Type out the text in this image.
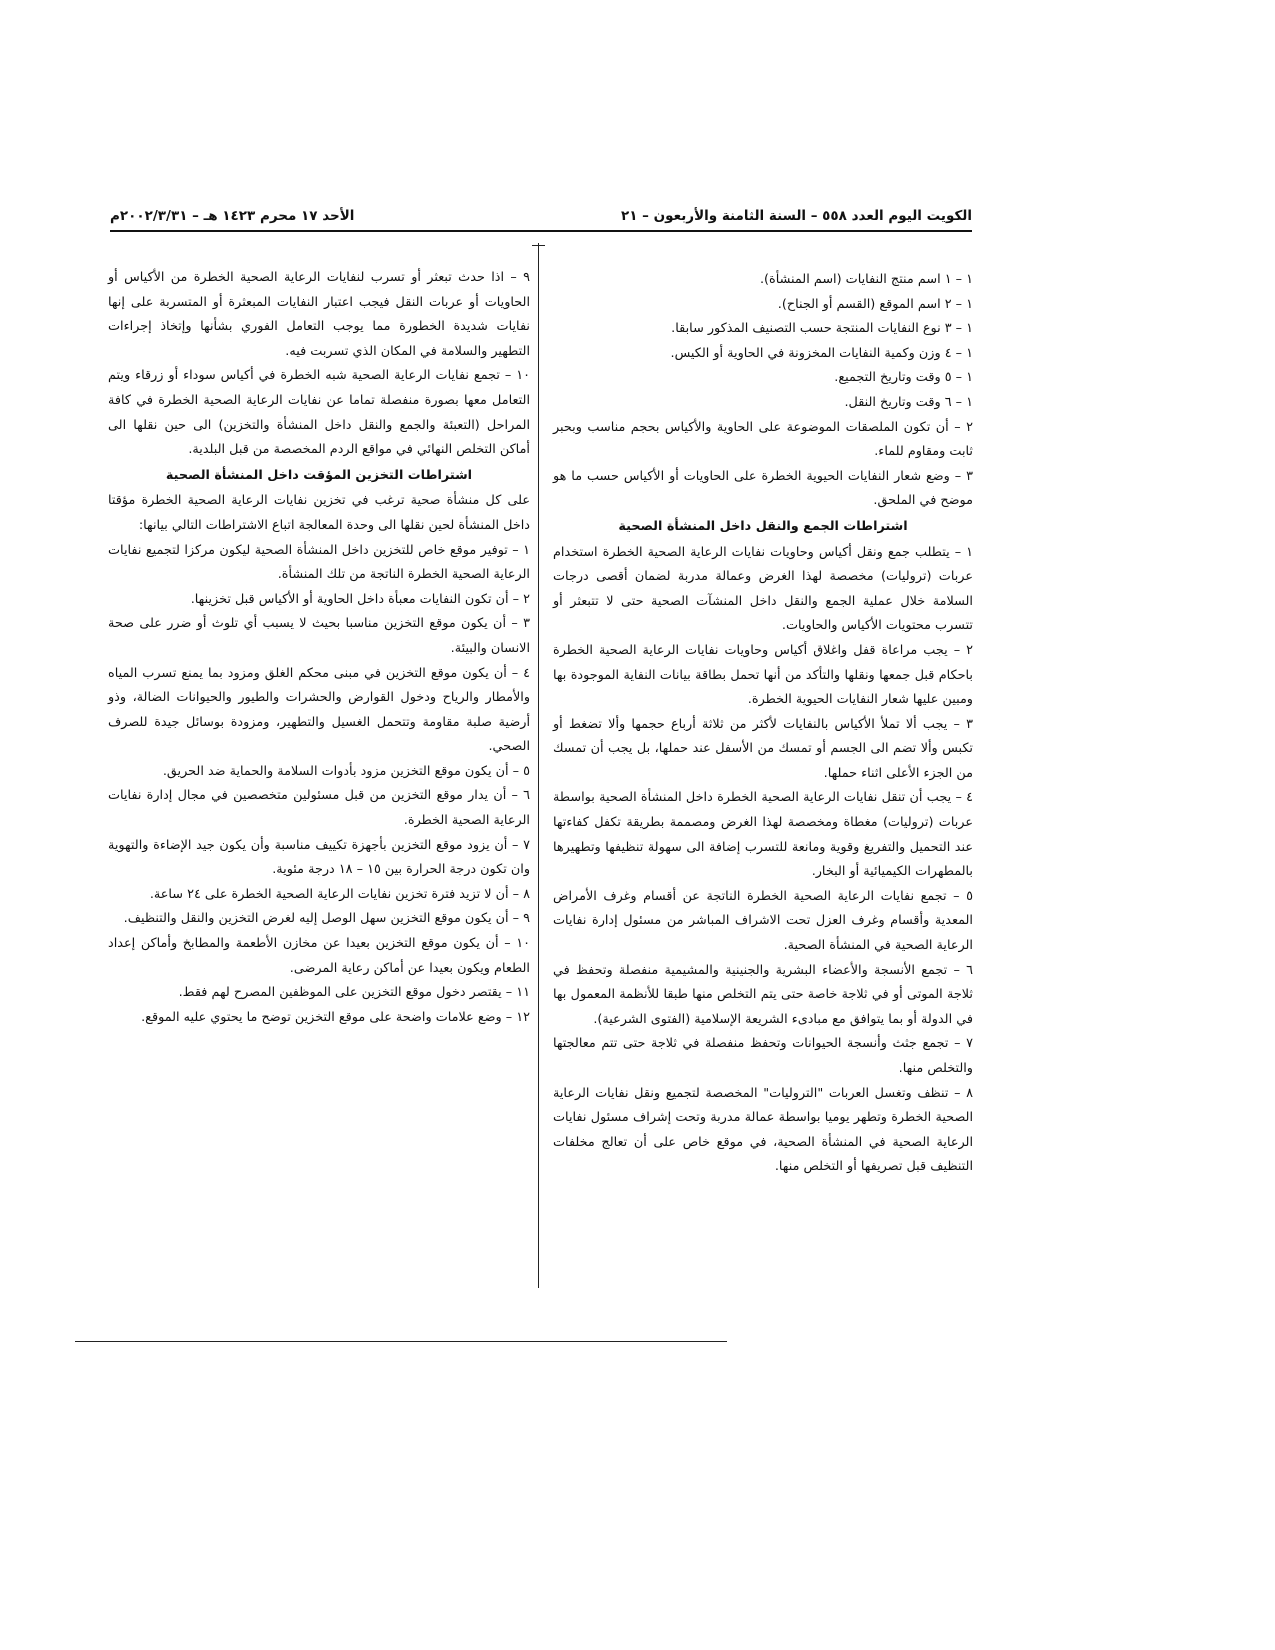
الكويت اليوم العدد ٥٥٨ – السنة الثامنة والأربعون – ٢١
الأحد ١٧ محرم ١٤٢٣ هـ – ٢٠٠٢/٣/٣١م

١ – ١ اسم منتج النفايات (اسم المنشأة).

١ – ٢ اسم الموقع (القسم أو الجناح).

١ – ٣ نوع النفايات المنتجة حسب التصنيف المذكور سابقا.

١ – ٤ وزن وكمية النفايات المخزونة في الحاوية أو الكيس.

١ – ٥ وقت وتاريخ التجميع.

١ – ٦ وقت وتاريخ النقل.

٢ – أن تكون الملصقات الموضوعة على الحاوية والأكياس بحجم مناسب وبحبر ثابت ومقاوم للماء.

٣ – وضع شعار النفايات الحيوية الخطرة على الحاويات أو الأكياس حسب ما هو موضح في الملحق.

اشتراطات الجمع والنقل داخل المنشأة الصحية

١ – يتطلب جمع ونقل أكياس وحاويات نفايات الرعاية الصحية الخطرة استخدام عربات (ترولیات) مخصصة لهذا الغرض وعمالة مدربة لضمان أقصى درجات السلامة خلال عملية الجمع والنقل داخل المنشآت الصحية حتى لا تتبعثر أو تتسرب محتويات الأكياس والحاويات.

٢ – يجب مراعاة قفل واغلاق أكياس وحاويات نفايات الرعاية الصحية الخطرة باحكام قبل جمعها ونقلها والتأكد من أنها تحمل بطاقة بيانات النفاية الموجودة بها ومبين عليها شعار النفايات الحيوية الخطرة.

٣ – يجب ألا تملأ الأكياس بالنفايات لأكثر من ثلاثة أرباع حجمها وألا تضغط أو تكبس وألا تضم الى الجسم أو تمسك من الأسفل عند حملها، بل يجب أن تمسك من الجزء الأعلى اثناء حملها.

٤ – يجب أن تنقل نفايات الرعاية الصحية الخطرة داخل المنشأة الصحية بواسطة عربات (ترولیات) مغطاة ومخصصة لهذا الغرض ومصممة بطريقة تكفل كفاءتها عند التحميل والتفريغ وقوية ومانعة للتسرب إضافة الى سهولة تنظيفها وتطهيرها بالمطهرات الكيميائية أو البخار.

٥ – تجمع نفايات الرعاية الصحية الخطرة الناتجة عن أقسام وغرف الأمراض المعدية وأقسام وغرف العزل تحت الاشراف المباشر من مسئول إدارة نفايات الرعاية الصحية في المنشأة الصحية.

٦ – تجمع الأنسجة والأعضاء البشرية والجنينية والمشيمية منفصلة وتحفظ في ثلاجة الموتى أو في ثلاجة خاصة حتى يتم التخلص منها طبقا للأنظمة المعمول بها في الدولة أو بما يتوافق مع مبادىء الشريعة الإسلامية (الفتوى الشرعية).

٧ – تجمع جثث وأنسجة الحيوانات وتحفظ منفصلة في ثلاجة حتى تتم معالجتها والتخلص منها.

٨ – تنظف وتغسل العربات "الترولیات" المخصصة لتجميع ونقل نفايات الرعاية الصحية الخطرة وتطهر يوميا بواسطة عمالة مدربة وتحت إشراف مسئول نفايات الرعاية الصحية في المنشأة الصحية، في موقع خاص على أن تعالج مخلفات التنظيف قبل تصريفها أو التخلص منها.

٩ – اذا حدث تبعثر أو تسرب لنفايات الرعاية الصحية الخطرة من الأكياس أو الحاويات أو عربات النقل فيجب اعتبار النفايات المبعثرة أو المتسربة على إنها نفايات شديدة الخطورة مما يوجب التعامل الفوري بشأنها وإتخاذ إجراءات التطهير والسلامة في المكان الذي تسربت فيه.

١٠ – تجمع نفايات الرعاية الصحية شبه الخطرة في أكياس سوداء أو زرقاء ويتم التعامل معها بصورة منفصلة تماما عن نفايات الرعاية الصحية الخطرة في كافة المراحل (التعبئة والجمع والنقل داخل المنشأة والتخزين) الى حين نقلها الى أماكن التخلص النهائي في مواقع الردم المخصصة من قبل البلدية.

اشتراطات التخزين المؤقت داخل المنشأة الصحية

على كل منشأة صحية ترغب في تخزين نفايات الرعاية الصحية الخطرة مؤقتا داخل المنشأة لحين نقلها الى وحدة المعالجة اتباع الاشتراطات التالي بيانها:

١ – توفير موقع خاص للتخزين داخل المنشأة الصحية ليكون مركزا لتجميع نفايات الرعاية الصحية الخطرة الناتجة من تلك المنشأة.

٢ – أن تكون النفايات معبأة داخل الحاوية أو الأكياس قبل تخزينها.

٣ – أن يكون موقع التخزين مناسبا بحيث لا يسبب أي تلوث أو ضرر على صحة الانسان والبيئة.

٤ – أن يكون موقع التخزين في مبنى محكم الغلق ومزود بما يمنع تسرب المياه والأمطار والرياح ودخول القوارض والحشرات والطيور والحيوانات الضالة، وذو أرضية صلبة مقاومة وتتحمل الغسيل والتطهير، ومزودة بوسائل جيدة للصرف الصحي.

٥ – أن يكون موقع التخزين مزود بأدوات السلامة والحماية ضد الحريق.

٦ – أن يدار موقع التخزين من قبل مسئولين متخصصين في مجال إدارة نفايات الرعاية الصحية الخطرة.

٧ – أن يزود موقع التخزين بأجهزة تكييف مناسبة وأن يكون جيد الإضاءة والتهوية وان تكون درجة الحرارة بين ١٥ – ١٨ درجة مئوية.

٨ – أن لا تزيد فترة تخزين نفايات الرعاية الصحية الخطرة على ٢٤ ساعة.

٩ – أن يكون موقع التخزين سهل الوصل إليه لغرض التخزين والنقل والتنظيف.

١٠ – أن يكون موقع التخزين بعيدا عن مخازن الأطعمة والمطابخ وأماكن إعداد الطعام ويكون بعيدا عن أماكن رعاية المرضى.

١١ – يقتصر دخول موقع التخزين على الموظفين المصرح لهم فقط.

١٢ – وضع علامات واضحة على موقع التخزين توضح ما يحتوي عليه الموقع.
